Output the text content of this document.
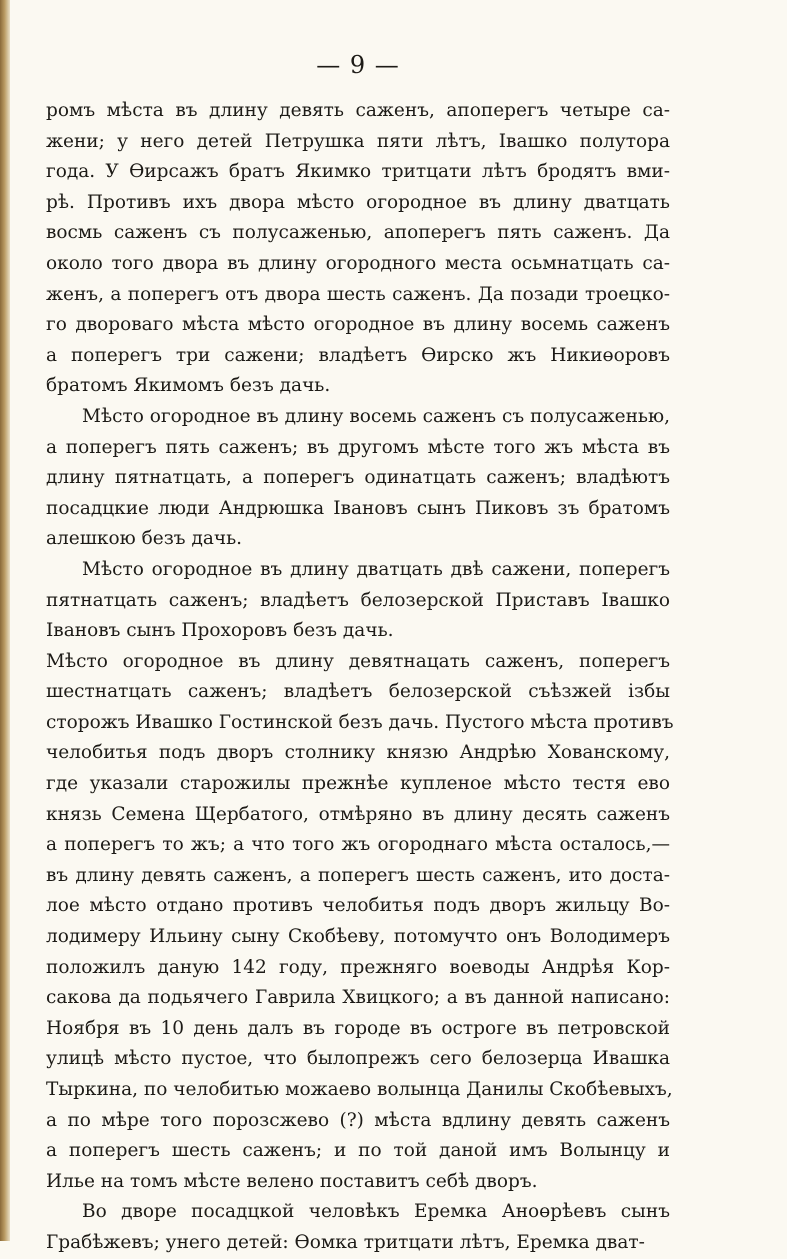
— 9 —
ромъ мѣста въ длину девять саженъ, апоперегъ четыре са-
жени; у него детей Петрушка пяти лѣтъ, Івашко полутора
года. У Өирсажъ братъ Якимко тритцати лѣтъ бродятъ вми-
рѣ. Противъ ихъ двора мѣсто огородное въ длину дватцать
восмь саженъ съ полусаженью, апоперегъ пять саженъ. Да
около того двора въ длину огородного места осьмнатцать са-
женъ, а поперегъ отъ двора шесть саженъ. Да позади троецко-
го двороваго мѣста мѣсто огородное въ длину восемь саженъ
а поперегъ три сажени; владѣетъ Өирско жъ Никиөоровъ
братомъ Якимомъ безъ дачь.
Мѣсто огородное въ длину восемь саженъ съ полусаженью,
а поперегъ пять саженъ; въ другомъ мѣсте того жъ мѣста въ
длину пятнатцать, а поперегъ одинатцать саженъ; владѣютъ
посадцкие люди Андрюшка Івановъ сынъ Пиковъ зъ братомъ
алешкою безъ дачь.
Мѣсто огородное въ длину дватцать двѣ сажени, поперегъ
пятнатцать саженъ; владѣетъ белозерской Приставъ Івашко
Івановъ сынъ Прохоровъ безъ дачь.
Мѣсто огородное въ длину девятнацать саженъ, поперегъ
шестнатцать саженъ; владѣетъ белозерской съѣзжей ізбы
сторожъ Ивашко Гостинской безъ дачь. Пустого мѣста противъ
челобитья подъ дворъ столнику князю Андрѣю Хованскому,
где указали старожилы прежнѣе купленое мѣсто тестя ево
князь Семена Щербатого, отмѣряно въ длину десять саженъ
а поперегъ то жъ; а что того жъ огороднаго мѣста осталось,—
въ длину девять саженъ, а поперегъ шесть саженъ, ито доста-
лое мѣсто отдано противъ челобитья подъ дворъ жильцу Во-
лодимеру Ильину сыну Скобѣеву, потомучто онъ Володимеръ
положилъ даную 142 году, прежняго воеводы Андрѣя Кор-
сакова да подьячего Гаврила Хвицкого; а въ данной написано:
Ноября въ 10 день далъ въ городе въ остроге въ петровской
улицѣ мѣсто пустое, что былопрежъ сего белозерца Ивашка
Тыркина, по челобитью можаево волынца Данилы Скобѣевыхъ,
а по мѣре того порозсжево (?) мѣста вдлину девять саженъ
а поперегъ шесть саженъ; и по той даной имъ Волынцу и
Илье на томъ мѣсте велено поставитъ себѣ дворъ.
Во дворе посадцкой человѣкъ Еремка Аноөрѣевъ сынъ
Грабѣжевъ; унего детей: Өомка тритцати лѣтъ, Еремка дват-
